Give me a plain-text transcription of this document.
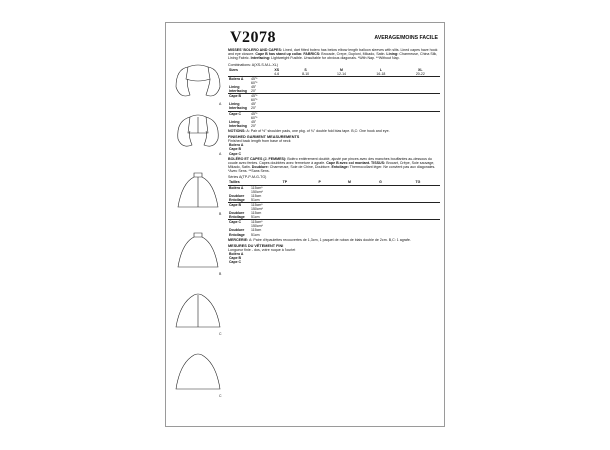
A
A
B
B
C
C
V2078	AVERAGE/MOINS FACILE
MISSES' BOLERO AND CAPES: Lined, dart fitted bolero has below elbow length balloon sleeves with slits. Lined capes have hook and eye closure. Cape B has stand up collar. FABRICS: Brocade, Crepe, Dupioni, Mikado, Satin. Lining: Charmeuse, China Silk, Lining Fabric. Interfacing: Lightweight Fusible. Unsuitable for obvious diagonals. *With Nap. **Without Nap.
Combinations: A(XS-S-M-L-XL)
Sizes		XS	S	M	L	XL
		4-6	8-10	12-14	16-18	20-22
Bolero A	45"*					
	60"*					
Lining	45"					
Interfacing	20"					
Cape B	45"*					
	60"*					
Lining	45"					
Interfacing	20"					
Cape C	45"*					
	60"*					
Lining	45"					
Interfacing	20"					
NOTIONS: A: Pair of ½" shoulder pads, one pkg. of ¾" double fold bias tape. B,C: One hook and eye.
FINISHED GARMENT MEASUREMENTS
Finished back length from base of neck
Bolero A					
Cape B					
Cape C					
BOLÉRO ET CAPES (J. FEMMES): Boléro entièrement doublé, ajusté par pinces avec des manches bouffantes au-dessous du coude avec fentes. Capes doublées avec fermeture à agrafe. Cape B avec col montant. TISSUS: Brocart, Crêpe, Soie sauvage, Mikado, Satin. Doublure: Charmeuse, Soie de Chine, Doublure. Entoilage: Thermocollant léger. Ne convient pas aux diagonales. *Avec Sens. **Sans Sens.
Séries A(TP-P-M-G-TG)
Tailles		TP	P	M	G	TG
Boléro A	115cm*					
	150cm*					
Doublure	115cm					
Entoilage	51cm					
Cape B	115cm*					
	150cm*					
Doublure	115cm					
Entoilage	51cm					
Cape C	115cm*					
	150cm*					
Doublure	115cm					
Entoilage	51cm					
MERCERIE: A: Paire d'épaulettes recouvertes de 1,3cm, 1 paquet de ruban de biais double de 2cm. B,C: 1 agrafe.
MESURES DU VÊTEMENT FINI
Longueur finie - dos, votre nuque à l'ourlet
Boléro A					
Cape B					
Cape C					
